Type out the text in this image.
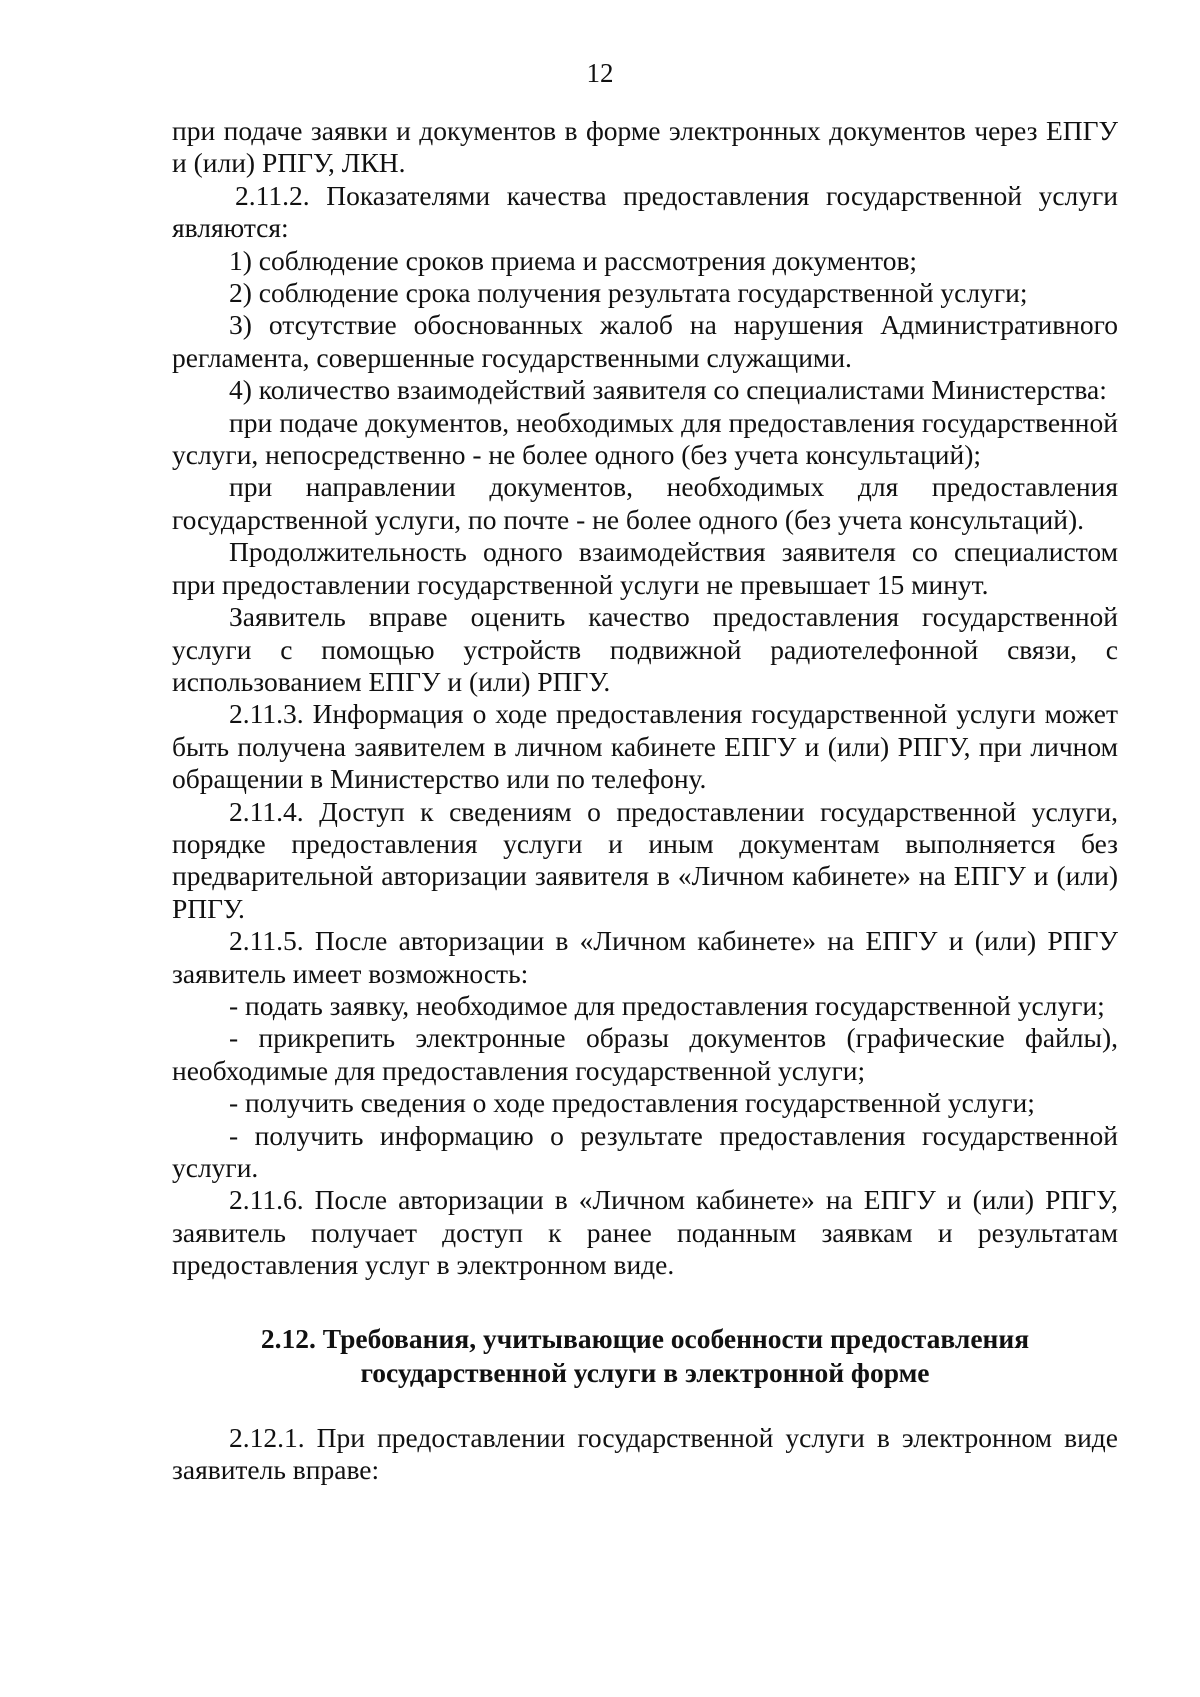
12

при подаче заявки и документов в форме электронных документов через ЕПГУ и (или) РПГУ, ЛКН.

2.11.2. Показателями качества предоставления государственной услуги являются:

1) соблюдение сроков приема и рассмотрения документов;

2) соблюдение срока получения результата государственной услуги;

3) отсутствие обоснованных жалоб на нарушения Административного регламента, совершенные государственными служащими.

4) количество взаимодействий заявителя со специалистами Министерства:

при подаче документов, необходимых для предоставления государственной услуги, непосредственно - не более одного (без учета консультаций);

при направлении документов, необходимых для предоставления государственной услуги, по почте - не более одного (без учета консультаций).

Продолжительность одного взаимодействия заявителя со специалистом при предоставлении государственной услуги не превышает 15 минут.

Заявитель вправе оценить качество предоставления государственной услуги с помощью устройств подвижной радиотелефонной связи, с использованием ЕПГУ и (или) РПГУ.

2.11.3. Информация о ходе предоставления государственной услуги может быть получена заявителем в личном кабинете ЕПГУ и (или) РПГУ, при личном обращении в Министерство или по телефону.

2.11.4. Доступ к сведениям о предоставлении государственной услуги, порядке предоставления услуги и иным документам выполняется без предварительной авторизации заявителя в «Личном кабинете» на ЕПГУ и (или) РПГУ.

2.11.5. После авторизации в «Личном кабинете» на ЕПГУ и (или) РПГУ заявитель имеет возможность:

- подать заявку, необходимое для предоставления государственной услуги;

- прикрепить электронные образы документов (графические файлы), необходимые для предоставления государственной услуги;

- получить сведения о ходе предоставления государственной услуги;

- получить информацию о результате предоставления государственной услуги.

2.11.6. После авторизации в «Личном кабинете» на ЕПГУ и (или) РПГУ, заявитель получает доступ к ранее поданным заявкам и результатам предоставления услуг в электронном виде.

2.12. Требования, учитывающие особенности предоставления
государственной услуги в электронной форме

2.12.1. При предоставлении государственной услуги в электронном виде заявитель вправе:
